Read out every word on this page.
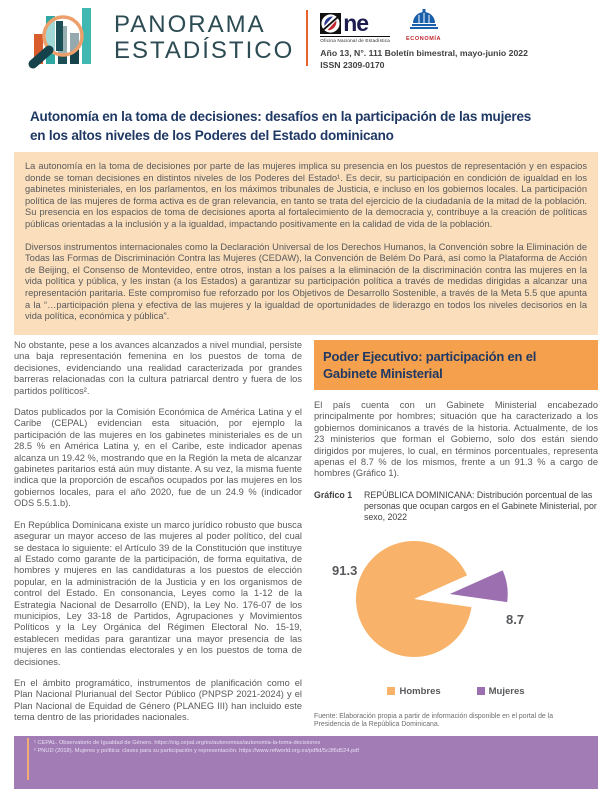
PANORAMA
ESTADÍSTICO
ne
Oficina Nacional de Estadística	ECONOMÍA
Año 13, N°. 111 Boletín bimestral, mayo-junio 2022
ISSN 2309-0170
Autonomía en la toma de decisiones: desafíos en la participación de las mujeres en los altos niveles de los Poderes del Estado dominicano

La autonomía en la toma de decisiones por parte de las mujeres implica su presencia en los puestos de representación y en espacios donde se toman decisiones en distintos niveles de los Poderes del Estado¹. Es decir, su participación en condición de igualdad en los gabinetes ministeriales, en los parlamentos, en los máximos tribunales de Justicia, e incluso en los gobiernos locales. La participación política de las mujeres de forma activa es de gran relevancia, en tanto se trata del ejercicio de la ciudadanía de la mitad de la población. Su presencia en los espacios de toma de decisiones aporta al fortalecimiento de la democracia y, contribuye a la creación de políticas públicas orientadas a la inclusión y a la igualdad, impactando positivamente en la calidad de vida de la población.

Diversos instrumentos internacionales como la Declaración Universal de los Derechos Humanos, la Convención sobre la Eliminación de Todas las Formas de Discriminación Contra las Mujeres (CEDAW), la Convención de Belém Do Pará, así como la Plataforma de Acción de Beijing, el Consenso de Montevideo, entre otros, instan a los países a la eliminación de la discriminación contra las mujeres en la vida política y pública, y les instan (a los Estados) a garantizar su participación política a través de medidas dirigidas a alcanzar una representación paritaria. Este compromiso fue reforzado por los Objetivos de Desarrollo Sostenible, a través de la Meta 5.5 que apunta a la “…participación plena y efectiva de las mujeres y la igualdad de oportunidades de liderazgo en todos los niveles decisorios en la vida política, económica y pública”.

No obstante, pese a los avances alcanzados a nivel mundial, persiste una baja representación femenina en los puestos de toma de decisiones, evidenciando una realidad caracterizada por grandes barreras relacionadas con la cultura patriarcal dentro y fuera de los partidos políticos².

Datos publicados por la Comisión Económica de América Latina y el Caribe (CEPAL) evidencian esta situación, por ejemplo la participación de las mujeres en los gabinetes ministeriales es de un 28.5 % en América Latina y, en el Caribe, este indicador apenas alcanza un 19.42 %, mostrando que en la Región la meta de alcanzar gabinetes paritarios está aún muy distante. A su vez, la misma fuente indica que la proporción de escaños ocupados por las mujeres en los gobiernos locales, para el año 2020, fue de un 24.9 % (indicador ODS 5.5.1.b).

En República Dominicana existe un marco jurídico robusto que busca asegurar un mayor acceso de las mujeres al poder político, del cual se destaca lo siguiente: el Artículo 39 de la Constitución que instituye al Estado como garante de la participación, de forma equitativa, de hombres y mujeres en las candidaturas a los puestos de elección popular, en la administración de la Justicia y en los organismos de control del Estado. En consonancia, Leyes como la 1-12 de la Estrategia Nacional de Desarrollo (END), la Ley No. 176-07 de los municipios, Ley 33-18 de Partidos, Agrupaciones y Movimientos Políticos y la Ley Orgánica del Régimen Electoral No. 15-19, establecen medidas para garantizar una mayor presencia de las mujeres en las contiendas electorales y en los puestos de toma de decisiones.

En el ámbito programático, instrumentos de planificación como el Plan Nacional Plurianual del Sector Público (PNPSP 2021-2024) y el Plan Nacional de Equidad de Género (PLANEG III) han incluido este tema dentro de las prioridades nacionales.

Poder Ejecutivo: participación en el Gabinete Ministerial

El país cuenta con un Gabinete Ministerial encabezado principalmente por hombres; situación que ha caracterizado a los gobiernos dominicanos a través de la historia. Actualmente, de los 23 ministerios que forman el Gobierno, solo dos están siendo dirigidos por mujeres, lo cual, en términos porcentuales, representa apenas el 8.7 % de los mismos, frente a un 91.3 % a cargo de hombres (Gráfico 1).

Gráfico 1	REPÚBLICA DOMINICANA: Distribución porcentual de las personas que ocupan cargos en el Gabinete Ministerial, por sexo, 2022
91.3
8.7
Hombres	Mujeres
Fuente: Elaboración propia a partir de información disponible en el portal de la Presidencia de la República Dominicana.
¹ CEPAL. Observatorio de Igualdad de Género. https://oig.cepal.org/es/autonomias/autonomia-la-toma-decisiones
² PNUD (2018). Mujeres y política: claves para su participación y representación. https://www.refworld.org.es/pdfid/5c3f6d524.pdf
